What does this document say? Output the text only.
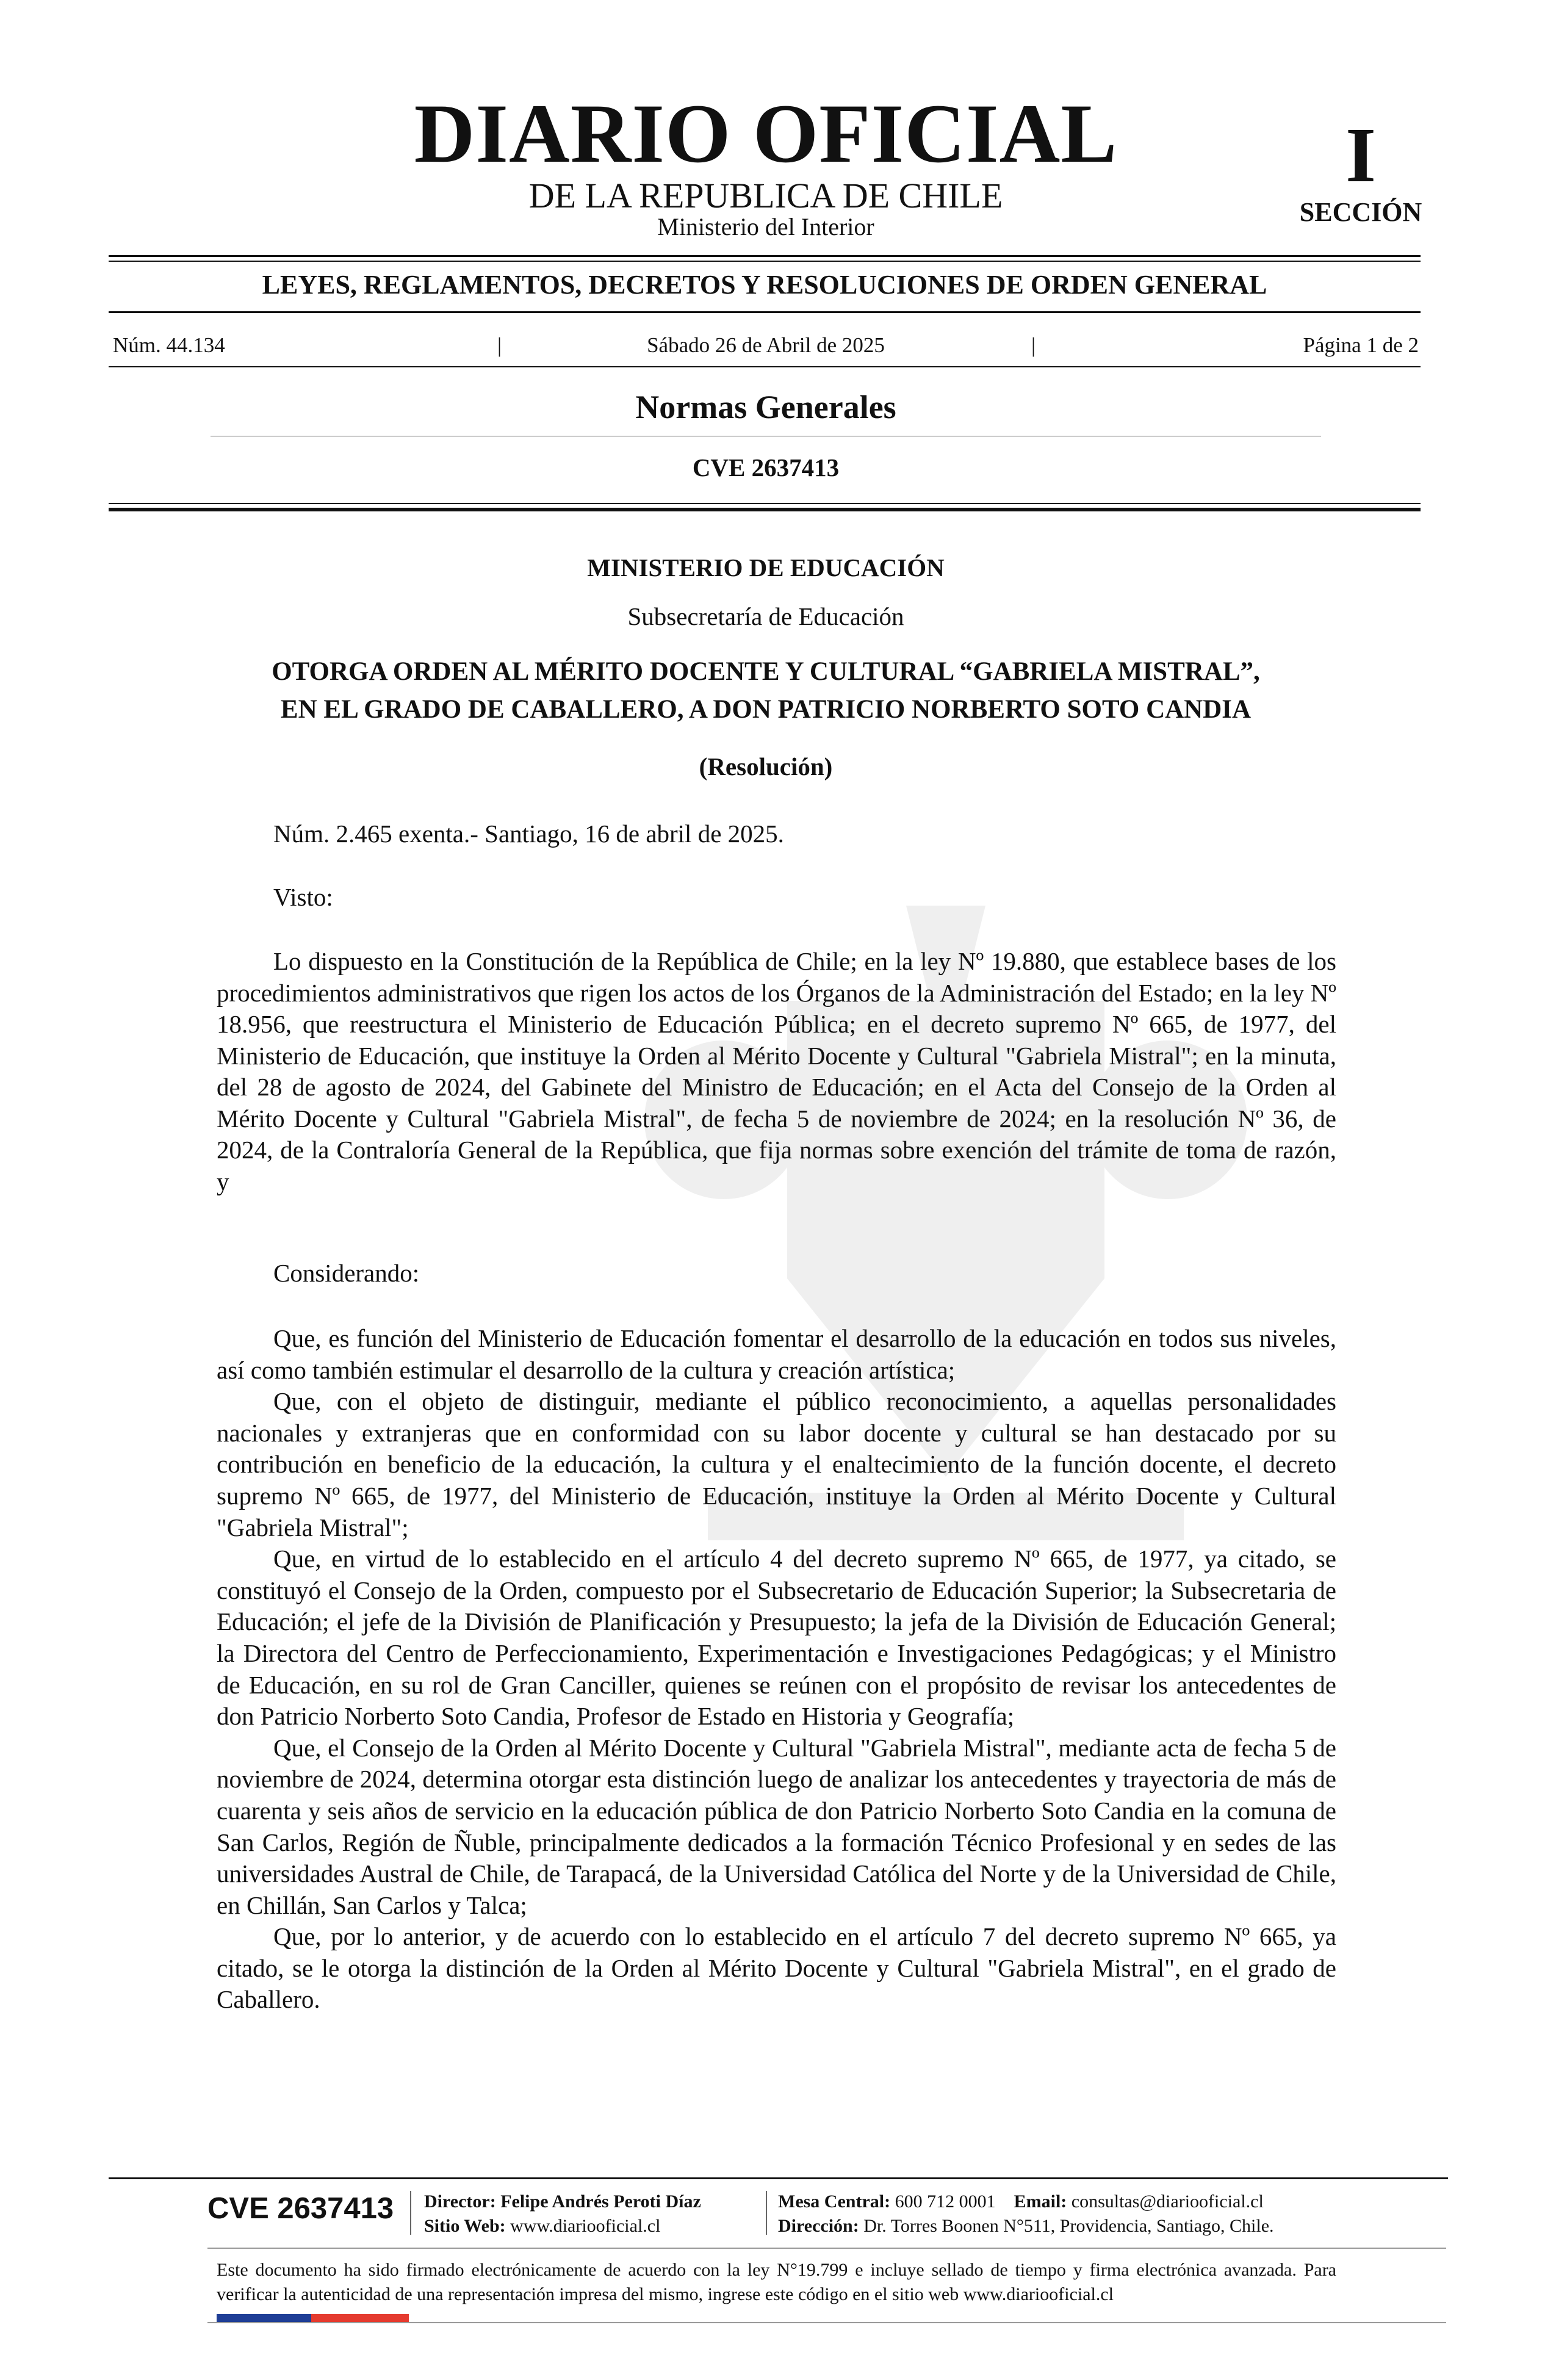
DIARIO OFICIAL
DE LA REPUBLICA DE CHILE
Ministerio del Interior
I
SECCIÓN
LEYES, REGLAMENTOS, DECRETOS Y RESOLUCIONES DE ORDEN GENERAL
Núm. 44.134	|	Sábado 26 de Abril de 2025	|	Página 1 de 2
Normas Generales
CVE 2637413
MINISTERIO DE EDUCACIÓN
Subsecretaría de Educación
OTORGA ORDEN AL MÉRITO DOCENTE Y CULTURAL “GABRIELA MISTRAL”,
EN EL GRADO DE CABALLERO, A DON PATRICIO NORBERTO SOTO CANDIA
(Resolución)
Núm. 2.465 exenta.- Santiago, 16 de abril de 2025.
Visto:

Lo dispuesto en la Constitución de la República de Chile; en la ley Nº 19.880, que establece bases de los procedimientos administrativos que rigen los actos de los Órganos de la Administración del Estado; en la ley Nº 18.956, que reestructura el Ministerio de Educación Pública; en el decreto supremo Nº 665, de 1977, del Ministerio de Educación, que instituye la Orden al Mérito Docente y Cultural "Gabriela Mistral"; en la minuta, del 28 de agosto de 2024, del Gabinete del Ministro de Educación; en el Acta del Consejo de la Orden al Mérito Docente y Cultural "Gabriela Mistral", de fecha 5 de noviembre de 2024; en la resolución Nº 36, de 2024, de la Contraloría General de la República, que fija normas sobre exención del trámite de toma de razón, y

Considerando:

Que, es función del Ministerio de Educación fomentar el desarrollo de la educación en todos sus niveles, así como también estimular el desarrollo de la cultura y creación artística;

Que, con el objeto de distinguir, mediante el público reconocimiento, a aquellas personalidades nacionales y extranjeras que en conformidad con su labor docente y cultural se han destacado por su contribución en beneficio de la educación, la cultura y el enaltecimiento de la función docente, el decreto supremo Nº 665, de 1977, del Ministerio de Educación, instituye la Orden al Mérito Docente y Cultural "Gabriela Mistral";

Que, en virtud de lo establecido en el artículo 4 del decreto supremo Nº 665, de 1977, ya citado, se constituyó el Consejo de la Orden, compuesto por el Subsecretario de Educación Superior; la Subsecretaria de Educación; el jefe de la División de Planificación y Presupuesto; la jefa de la División de Educación General; la Directora del Centro de Perfeccionamiento, Experimentación e Investigaciones Pedagógicas; y el Ministro de Educación, en su rol de Gran Canciller, quienes se reúnen con el propósito de revisar los antecedentes de don Patricio Norberto Soto Candia, Profesor de Estado en Historia y Geografía;

Que, el Consejo de la Orden al Mérito Docente y Cultural "Gabriela Mistral", mediante acta de fecha 5 de noviembre de 2024, determina otorgar esta distinción luego de analizar los antecedentes y trayectoria de más de cuarenta y seis años de servicio en la educación pública de don Patricio Norberto Soto Candia en la comuna de San Carlos, Región de Ñuble, principalmente dedicados a la formación Técnico Profesional y en sedes de las universidades Austral de Chile, de Tarapacá, de la Universidad Católica del Norte y de la Universidad de Chile, en Chillán, San Carlos y Talca;

Que, por lo anterior, y de acuerdo con lo establecido en el artículo 7 del decreto supremo Nº 665, ya citado, se le otorga la distinción de la Orden al Mérito Docente y Cultural "Gabriela Mistral", en el grado de Caballero.

CVE 2637413 Director: Felipe Andrés Peroti Díaz
Sitio Web: www.diariooficial.cl
Mesa Central: 600 712 0001 Email: consultas@diariooficial.cl
Dirección: Dr. Torres Boonen N°511, Providencia, Santiago, Chile.
Este documento ha sido firmado electrónicamente de acuerdo con la ley N°19.799 e incluye sellado de tiempo y firma electrónica avanzada. Para verificar la autenticidad de una representación impresa del mismo, ingrese este código en el sitio web www.diariooficial.cl
